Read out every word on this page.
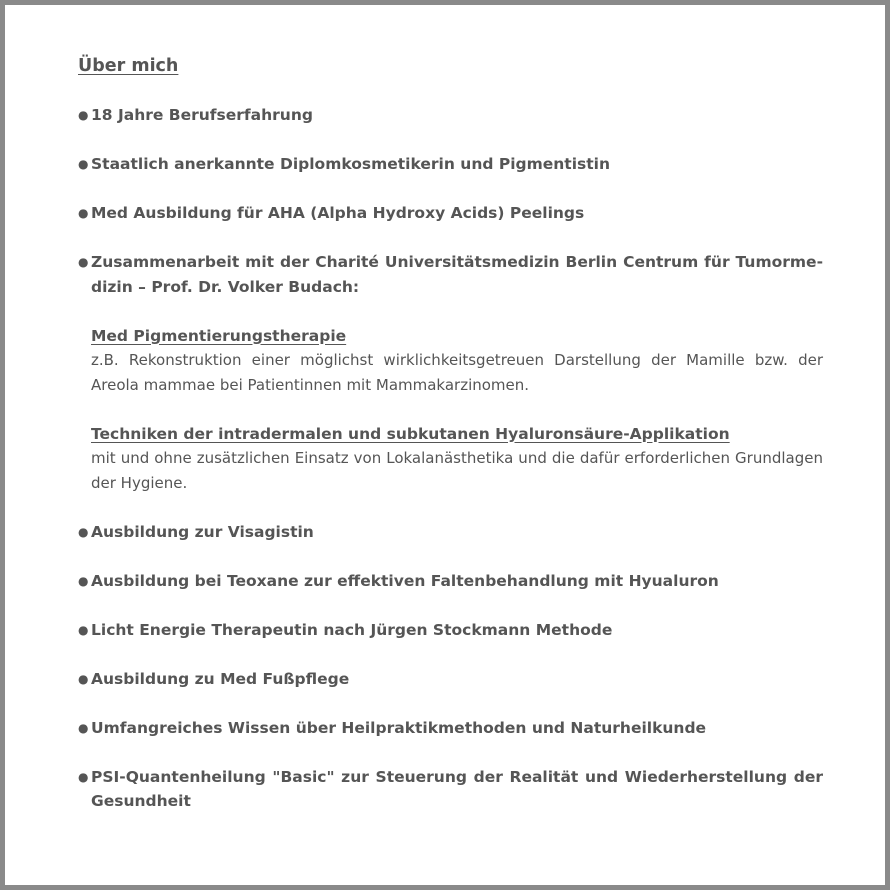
Über mich
● 18 Jahre Berufserfahrung
● Staatlich anerkannte Diplomkosmetikerin und Pigmentistin
● Med Ausbildung für AHA (Alpha Hydroxy Acids) Peelings
● Zusammenarbeit mit der Charité Universitätsmedizin Berlin Centrum für Tumormedizin – Prof. Dr. Volker Budach:
Med Pigmentierungstherapie
z.B. Rekonstruktion einer möglichst wirklichkeitsgetreuen Darstellung der Mamille bzw. der Areola mammae bei Patientinnen mit Mammakarzinomen.
Techniken der intradermalen und subkutanen Hyaluronsäure-Applikation
mit und ohne zusätzlichen Einsatz von Lokalanästhetika und die dafür erforderlichen Grundlagen der Hygiene.
● Ausbildung zur Visagistin
● Ausbildung bei Teoxane zur effektiven Faltenbehandlung mit Hyualuron
● Licht Energie Therapeutin nach Jürgen Stockmann Methode
● Ausbildung zu Med Fußpflege
● Umfangreiches Wissen über Heilpraktikmethoden und Naturheilkunde
● PSI-Quantenheilung "Basic" zur Steuerung der Realität und Wiederherstellung der Gesundheit
